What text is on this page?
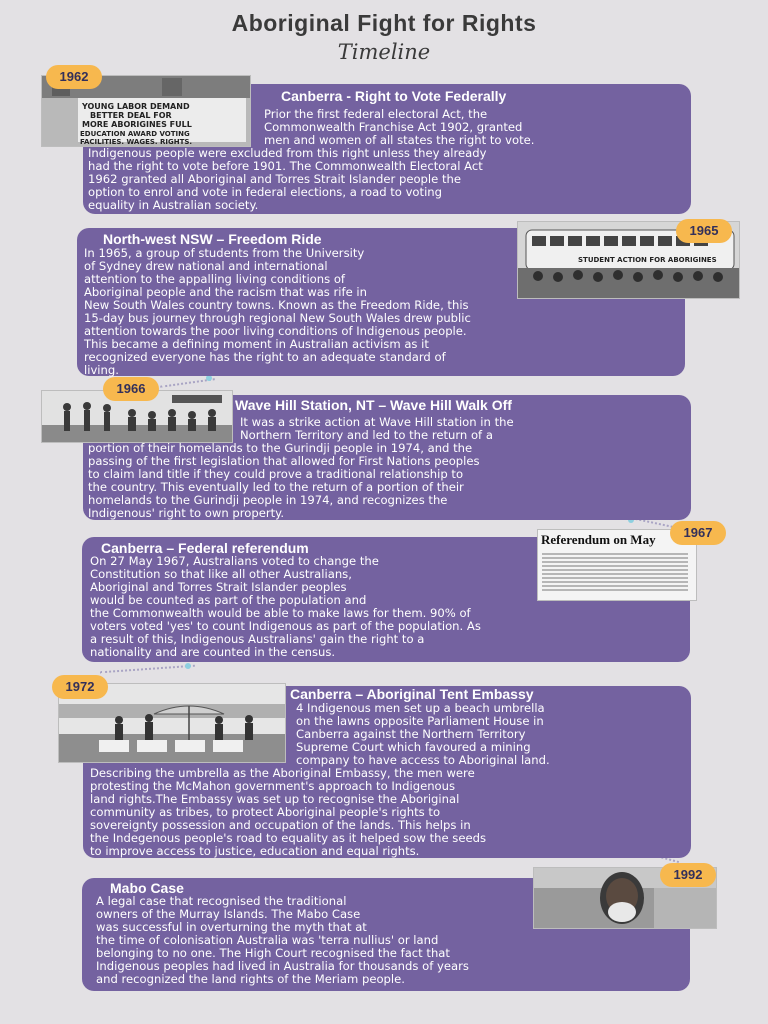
Aboriginal Fight for Rights
Timeline
YOUNG LABOR DEMAND
BETTER DEAL FOR
MORE ABORIGINES FULL
EDUCATION AWARD VOTING
FACILITIES. WAGES. RIGHTS.
1962
Canberra - Right to Vote Federally
Prior the first federal electoral Act, the
Commonwealth Franchise Act 1902, granted
men and women of all states the right to vote.
Indigenous people were excluded from this right unless they already
had the right to vote before 1901. The Commonwealth Electoral Act
1962 granted all Aboriginal and Torres Strait Islander people the
option to enrol and vote in federal elections, a road to voting
equality in Australian society.
STUDENT ACTION FOR ABORIGINES
1965
North-west NSW – Freedom Ride
In 1965, a group of students from the University
of Sydney drew national and international
attention to the appalling living conditions of
Aboriginal people and the racism that was rife in
New South Wales country towns. Known as the Freedom Ride, this
15-day bus journey through regional New South Wales drew public
attention towards the poor living conditions of Indigenous people.
This became a defining moment in Australian activism as it
recognized everyone has the right to an adequate standard of
living.
1966
Wave Hill Station, NT – Wave Hill Walk Off
It was a strike action at Wave Hill station in the
Northern Territory and led to the return of a
portion of their homelands to the Gurindji people in 1974, and the
passing of the first legislation that allowed for First Nations peoples
to claim land title if they could prove a traditional relationship to
the country. This eventually led to the return of a portion of their
homelands to the Gurindji people in 1974, and recognizes the
Indigenous' right to own property.
Referendum on May	1967
Canberra – Federal referendum
On 27 May 1967, Australians voted to change the
Constitution so that like all other Australians,
Aboriginal and Torres Strait Islander peoples
would be counted as part of the population and
the Commonwealth would be able to make laws for them. 90% of
voters voted 'yes' to count Indigenous as part of the population. As
a result of this, Indigenous Australians' gain the right to a
nationality and are counted in the census.
1972	Canberra – Aboriginal Tent Embassy
4 Indigenous men set up a beach umbrella
on the lawns opposite Parliament House in
Canberra against the Northern Territory
Supreme Court which favoured a mining
company to have access to Aboriginal land.
Describing the umbrella as the Aboriginal Embassy, the men were
protesting the McMahon government's approach to Indigenous
land rights.The Embassy was set up to recognise the Aboriginal
community as tribes, to protect Aboriginal people's rights to
sovereignty possession and occupation of the lands. This helps in
the Indegenous people's road to equality as it helped sow the seeds
to improve access to justice, education and equal rights.
1992
Mabo Case
A legal case that recognised the traditional
owners of the Murray Islands. The Mabo Case
was successful in overturning the myth that at
the time of colonisation Australia was 'terra nullius' or land
belonging to no one. The High Court recognised the fact that
Indigenous peoples had lived in Australia for thousands of years
and recognized the land rights of the Meriam people.
